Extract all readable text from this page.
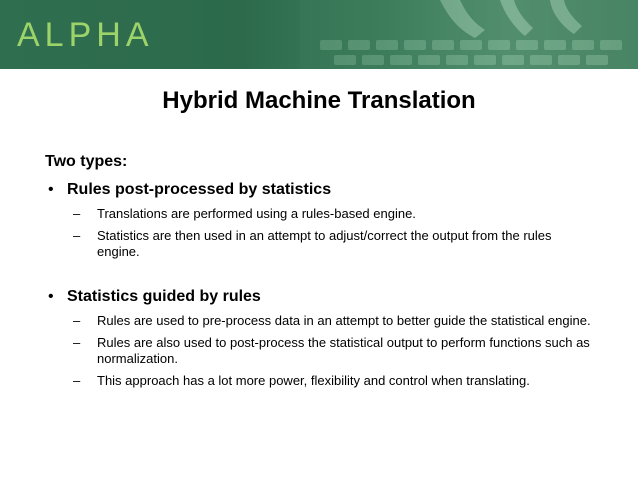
ALPHA
Hybrid Machine Translation
Two types:
• Rules post-processed by statistics
– Translations are performed using a rules-based engine.
– Statistics are then used in an attempt to adjust/correct the output from the rules engine.
• Statistics guided by rules
– Rules are used to pre-process data in an attempt to better guide the statistical engine.
– Rules are also used to post-process the statistical output to perform functions such as normalization.
– This approach has a lot more power, flexibility and control when translating.
